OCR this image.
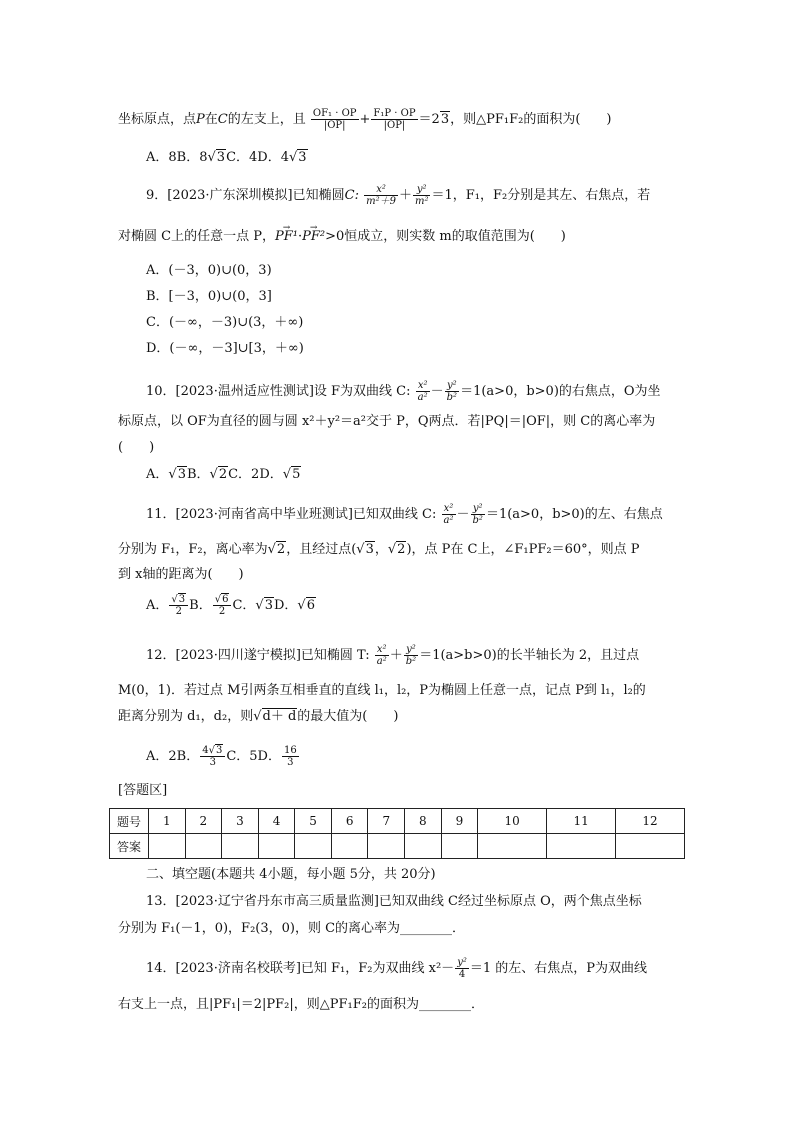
坐标原点，点P在C的左支上，且 $\frac{\text{OF₁ · OP}}{|OP|} + \frac{\text{F₁P · OP}}{|OP|} =23$，则△PF₁F₂的面积为(　　)
A．8B．8√3C．4D．4√3
9．[2023·广东深圳模拟]已知椭圆C: $\frac{\text{x²}}{\text{m²＋9}} + \frac{\text{y²}}{\text{m²}} =1$，F₁，F₂分别是其左、右焦点，若
对椭圆 C上的任意一点 P，→ PF¹·→ PF²>0恒成立，则实数 m的取值范围为(　　)
A．(－3，0)∪(0，3)
B．[－3，0)∪(0，3]
C．(－∞，－3)∪(3，＋∞)
D．(－∞，－3]∪[3，＋∞)
10．[2023·温州适应性测试]设 F为双曲线 C: $\frac{\text{x²}}{\text{a²}} - \frac{\text{y²}}{\text{b²}} =1(a>0$，b>0)的右焦点，O为坐
标原点，以 OF为直径的圆与圆 x²＋y²＝a²交于 P，Q两点．若|PQ|＝|OF|，则 C的离心率为
(　　)
A．√3B．√2C．2D．√5
11．[2023·河南省高中毕业班测试]已知双曲线 C: $\frac{\text{x²}}{\text{a²}} - \frac{\text{y²}}{\text{b²}} =1(a>0$，b>0)的左、右焦点
分别为 F₁，F₂，离心率为√2，且经过点(√3，√2)，点 P在 C上，∠F₁PF₂＝60°，则点 P
到 x轴的距离为(　　)
A． $\frac{√3}{2}$ B． $\frac{√6}{2}$ C．√3D．√6
12．[2023·四川遂宁模拟]已知椭圆 T: $\frac{\text{x²}}{\text{a²}} + \frac{\text{y²}}{\text{b²}} =1(a>b>0)$的长半轴长为 2，且过点
M(0，1)．若过点 M引两条互相垂直的直线 l₁，l₂，P为椭圆上任意一点，记点 P到 l₁，l₂的
距离分别为 d₁，d₂，则√d＋ d的最大值为(　　)
A．2B． $\frac{4√3}{3}$ C．5D． $\frac{16}{3}$
[答题区]
题号	1	2	3	4	5	6	7	8	9	10	11	12
答案												
二、填空题(本题共 4小题，每小题 5分，共 20分)
13．[2023·辽宁省丹东市高三质量监测]已知双曲线 C经过坐标原点 O，两个焦点坐标
分别为 F₁(－1，0)，F₂(3，0)，则 C的离心率为________．
14．[2023·济南名校联考]已知 F₁，F₂为双曲线 $x^2- \frac{\text{y²}}{4} =1$ 的左、右焦点，P为双曲线
右支上一点，且|PF₁|＝2|PF₂|，则△PF₁F₂的面积为________．
